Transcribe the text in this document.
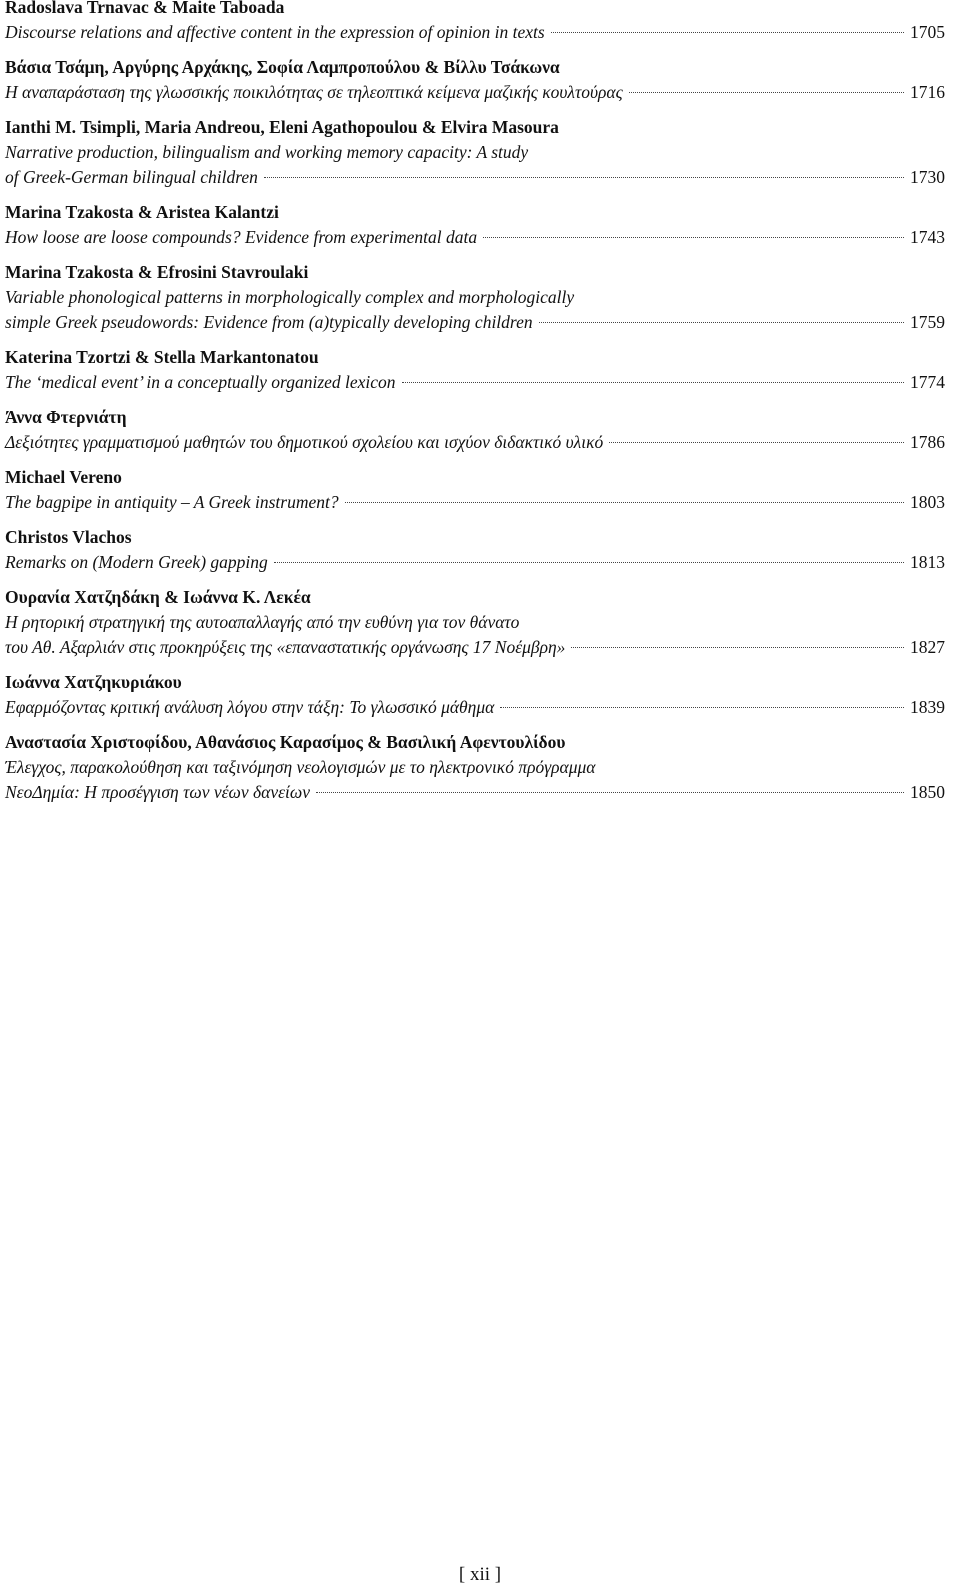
Radoslava Trnavac & Maite Taboada
Discourse relations and affective content in the expression of opinion in texts	1705
Βάσια Τσάμη, Αργύρης Αρχάκης, Σοφία Λαμπροπούλου & Βίλλυ Τσάκωνα
Η αναπαράσταση της γλωσσικής ποικιλότητας σε τηλεοπτικά κείμενα μαζικής κουλτούρας	1716
Ianthi M. Tsimpli, Maria Andreou, Eleni Agathopoulou & Elvira Masoura
Narrative production, bilingualism and working memory capacity: A study
of Greek-German bilingual children	1730
Marina Tzakosta & Aristea Kalantzi
How loose are loose compounds? Evidence from experimental data	1743
Marina Tzakosta & Efrosini Stavroulaki
Variable phonological patterns in morphologically complex and morphologically
simple Greek pseudowords: Evidence from (a)typically developing children	1759
Katerina Tzortzi & Stella Markantonatou
The ‘medical event’ in a conceptually organized lexicon	1774
Άννα Φτερνιάτη
Δεξιότητες γραμματισμού μαθητών του δημοτικού σχολείου και ισχύον διδακτικό υλικό	1786
Michael Vereno
The bagpipe in antiquity – A Greek instrument?	1803
Christos Vlachos
Remarks on (Modern Greek) gapping	1813
Ουρανία Χατζηδάκη & Ιωάννα Κ. Λεκέα
Η ρητορική στρατηγική της αυτοαπαλλαγής από την ευθύνη για τον θάνατο
του Αθ. Αξαρλιάν στις προκηρύξεις της «επαναστατικής οργάνωσης 17 Νοέμβρη»	1827
Ιωάννα Χατζηκυριάκου
Εφαρμόζοντας κριτική ανάλυση λόγου στην τάξη: Το γλωσσικό μάθημα	1839
Αναστασία Χριστοφίδου, Αθανάσιος Καρασίμος & Βασιλική Αφεντουλίδου
Έλεγχος, παρακολούθηση και ταξινόμηση νεολογισμών με το ηλεκτρονικό πρόγραμμα
ΝεοΔημία: Η προσέγγιση των νέων δανείων	1850
[ xii ]
